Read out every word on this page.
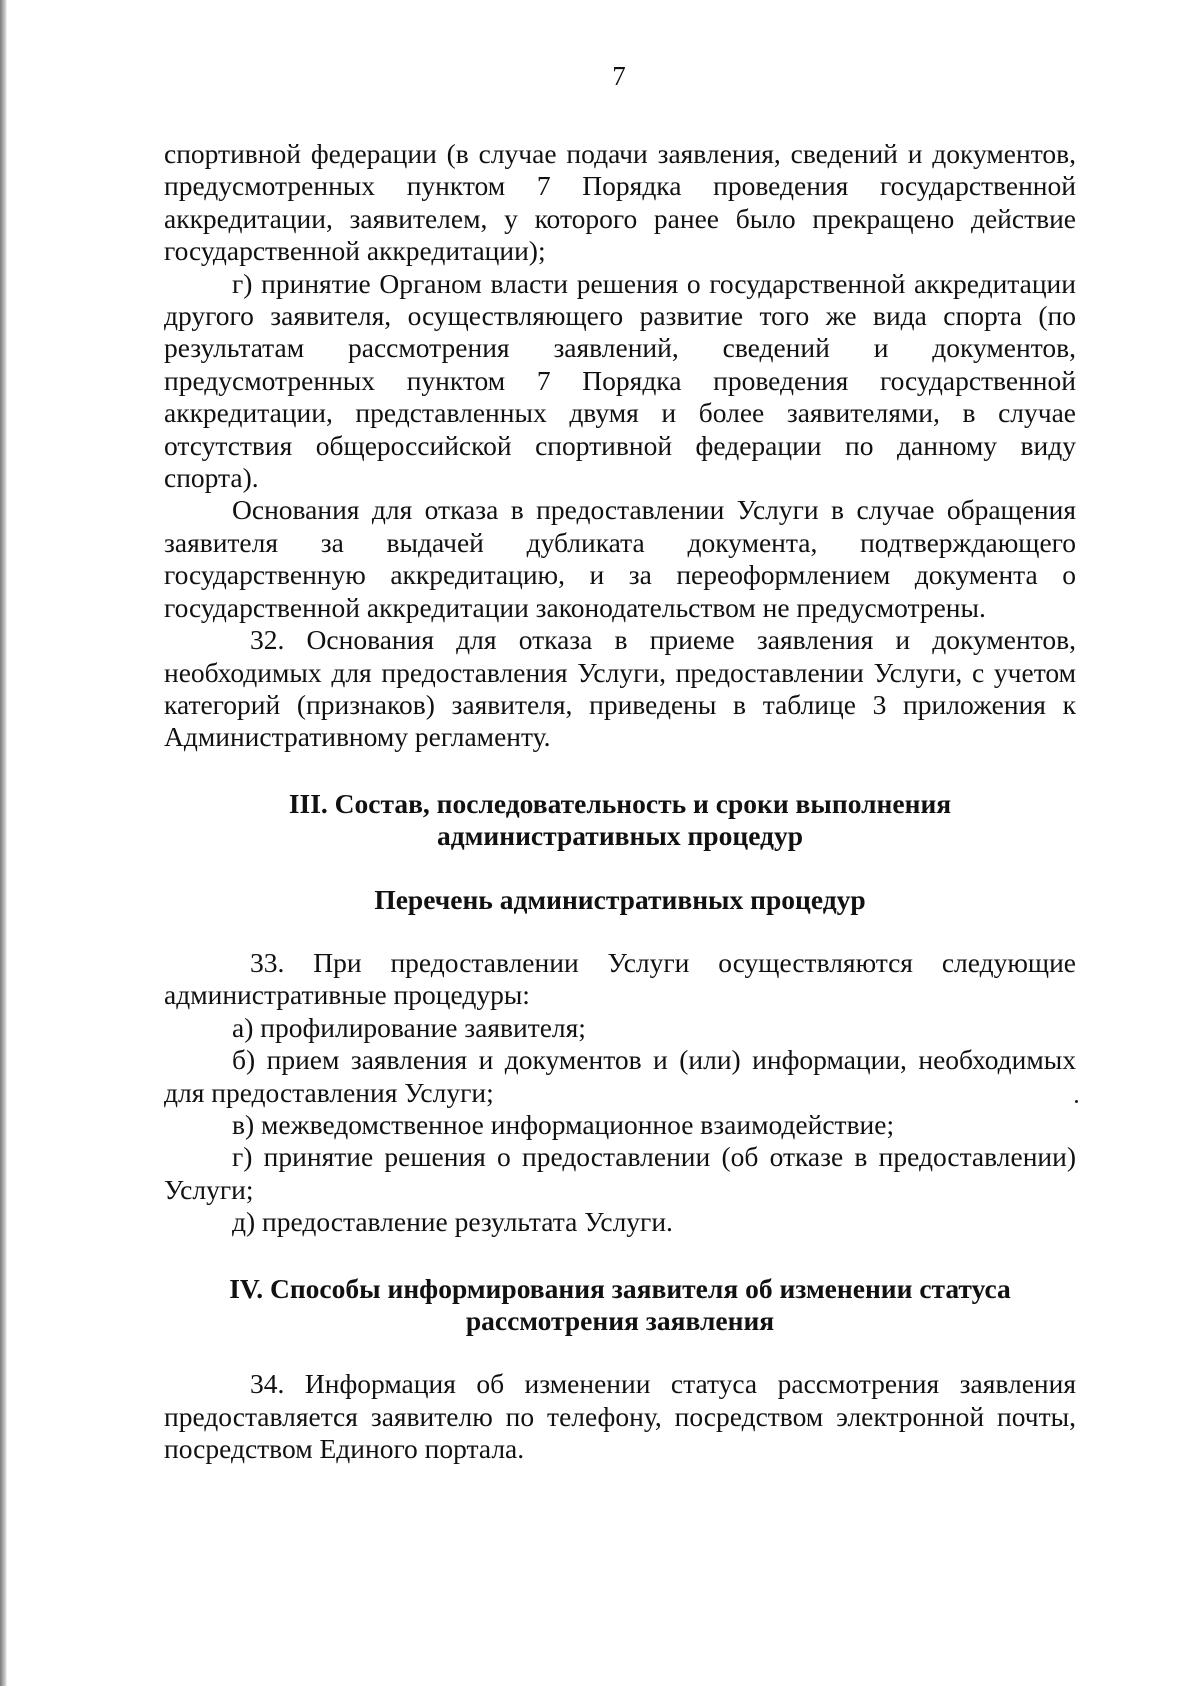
7

спортивной федерации (в случае подачи заявления, сведений и документов, предусмотренных пунктом 7 Порядка проведения государственной аккредитации, заявителем, у которого ранее было прекращено действие государственной аккредитации);

г) принятие Органом власти решения о государственной аккредитации другого заявителя, осуществляющего развитие того же вида спорта (по результатам рассмотрения заявлений, сведений и документов, предусмотренных пунктом 7 Порядка проведения государственной аккредитации, представленных двумя и более заявителями, в случае отсутствия общероссийской спортивной федерации по данному виду спорта).

Основания для отказа в предоставлении Услуги в случае обращения заявителя за выдачей дубликата документа, подтверждающего государственную аккредитацию, и за переоформлением документа о государственной аккредитации законодательством не предусмотрены.

32. Основания для отказа в приеме заявления и документов, необходимых для предоставления Услуги, предоставлении Услуги, с учетом категорий (признаков) заявителя, приведены в таблице 3 приложения к Административному регламенту.

III. Состав, последовательность и сроки выполнения

административных процедур

Перечень административных процедур

33. При предоставлении Услуги осуществляются следующие административные процедуры:

а) профилирование заявителя;

б) прием заявления и документов и (или) информации, необходимых для предоставления Услуги;

в) межведомственное информационное взаимодействие;

г) принятие решения о предоставлении (об отказе в предоставлении) Услуги;

д) предоставление результата Услуги.

IV. Способы информирования заявителя об изменении статуса

рассмотрения заявления

34. Информация об изменении статуса рассмотрения заявления предоставляется заявителю по телефону, посредством электронной почты, посредством Единого портала.
